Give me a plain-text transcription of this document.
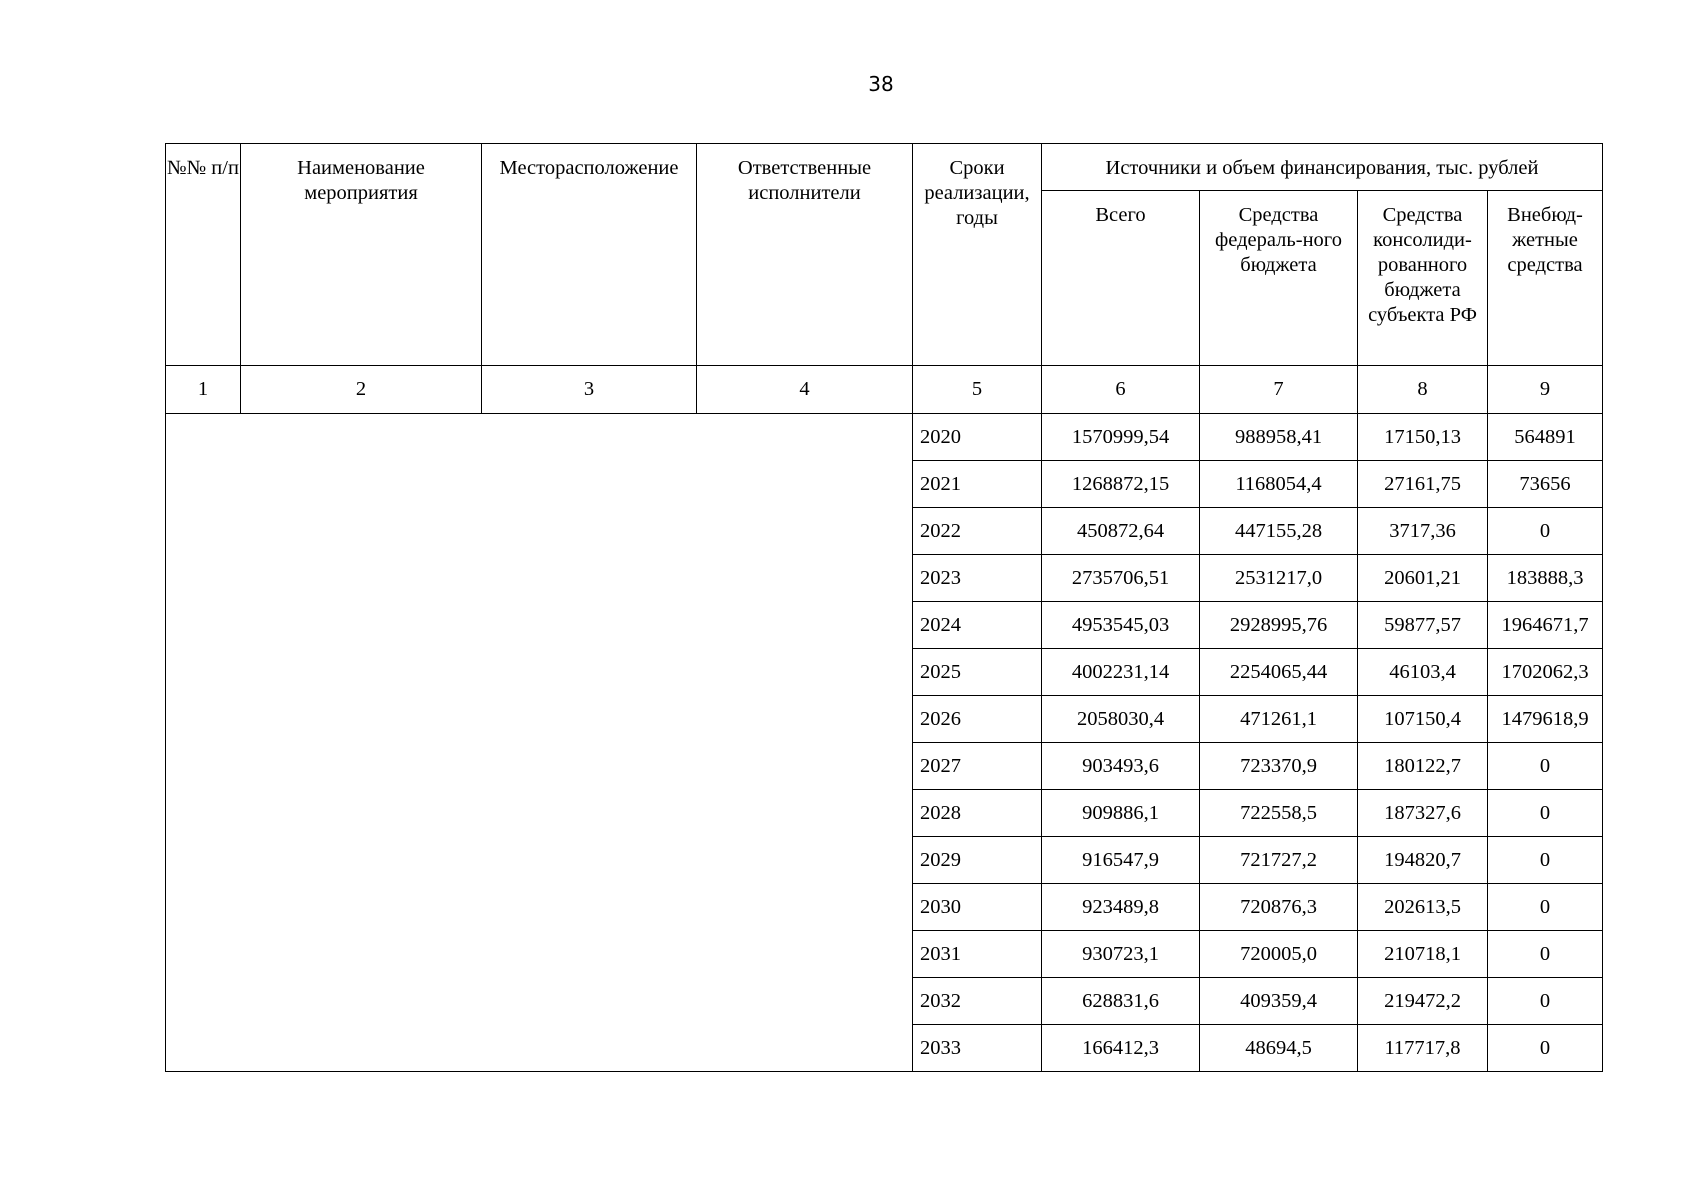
38
№№ п/п	Наименование мероприятия	Месторасположение	Ответственные исполнители	Сроки реализации, годы	Источники и объем финансирования, тыс. рублей			
					Всего	Средства федераль-ного бюджета	Средства консолиди-рованного бюджета субъекта РФ	Внебюд-жетные средства
1	2	3	4	5	6	7	8	9
				2020	1570999,54	988958,41	17150,13	564891
				2021	1268872,15	1168054,4	27161,75	73656
				2022	450872,64	447155,28	3717,36	0
				2023	2735706,51	2531217,0	20601,21	183888,3
				2024	4953545,03	2928995,76	59877,57	1964671,7
				2025	4002231,14	2254065,44	46103,4	1702062,3
				2026	2058030,4	471261,1	107150,4	1479618,9
				2027	903493,6	723370,9	180122,7	0
				2028	909886,1	722558,5	187327,6	0
				2029	916547,9	721727,2	194820,7	0
				2030	923489,8	720876,3	202613,5	0
				2031	930723,1	720005,0	210718,1	0
				2032	628831,6	409359,4	219472,2	0
				2033	166412,3	48694,5	117717,8	0
